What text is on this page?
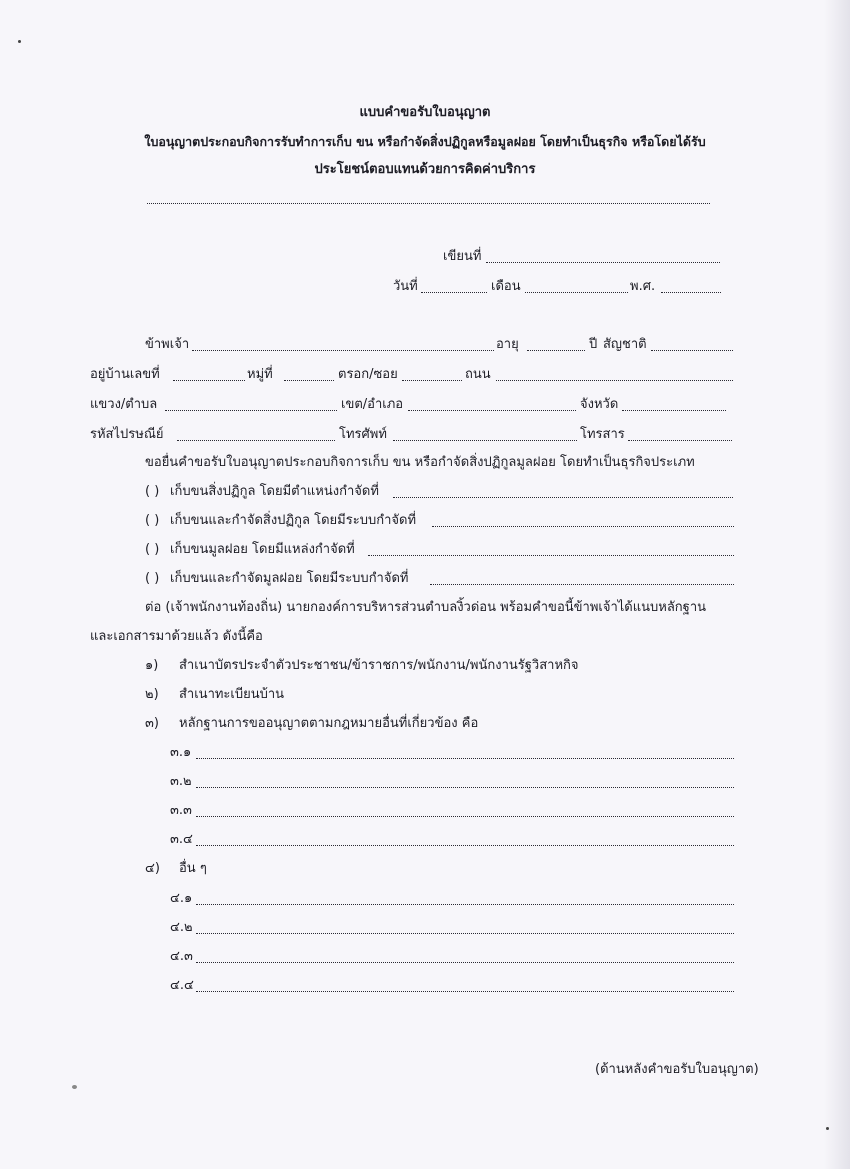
แบบคำขอรับใบอนุญาต
ใบอนุญาตประกอบกิจการรับทำการเก็บ ขน หรือกำจัดสิ่งปฏิกูลหรือมูลฝอย โดยทำเป็นธุรกิจ หรือโดยได้รับ
ประโยชน์ตอบแทนด้วยการคิดค่าบริการ
เขียนที่
วันที่	เดือน	พ.ศ.
ข้าพเจ้า	อายุ	ปี สัญชาติ
อยู่บ้านเลขที่	หมู่ที่	ตรอก/ซอย	ถนน
แขวง/ตำบล	เขต/อำเภอ	จังหวัด
รหัสไปรษณีย์	โทรศัพท์	โทรสาร
ขอยื่นคำขอรับใบอนุญาตประกอบกิจการเก็บ ขน หรือกำจัดสิ่งปฏิกูลมูลฝอย โดยทำเป็นธุรกิจประเภท
( ) เก็บขนสิ่งปฏิกูล โดยมีตำแหน่งกำจัดที่
( ) เก็บขนและกำจัดสิ่งปฏิกูล โดยมีระบบกำจัดที่
( ) เก็บขนมูลฝอย โดยมีแหล่งกำจัดที่
( ) เก็บขนและกำจัดมูลฝอย โดยมีระบบกำจัดที่
ต่อ (เจ้าพนักงานท้องถิ่น) นายกองค์การบริหารส่วนตำบลงิ้วด่อน พร้อมคำขอนี้ข้าพเจ้าได้แนบหลักฐาน
และเอกสารมาด้วยแล้ว ดังนี้คือ
๑) สำเนาบัตรประจำตัวประชาชน/ข้าราชการ/พนักงาน/พนักงานรัฐวิสาหกิจ
๒) สำเนาทะเบียนบ้าน
๓) หลักฐานการขออนุญาตตามกฎหมายอื่นที่เกี่ยวข้อง คือ
๓.๑
๓.๒
๓.๓
๓.๔
๔) อื่น ๆ
๔.๑
๔.๒
๔.๓
๔.๔
(ด้านหลังคำขอรับใบอนุญาต)
